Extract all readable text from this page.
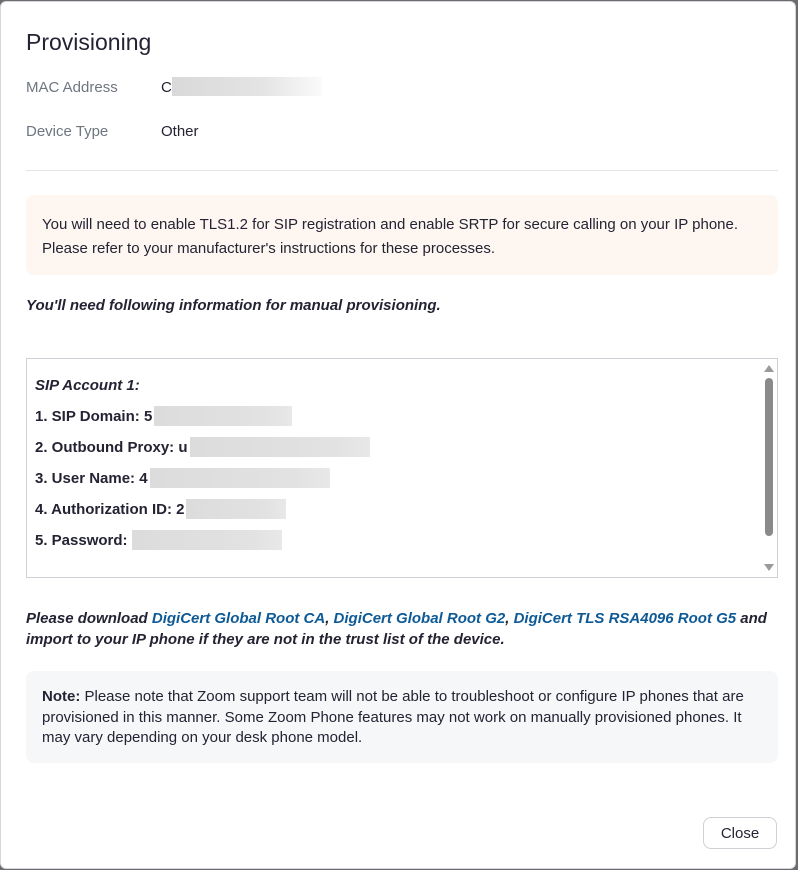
Provisioning
MAC Address	C
Device Type	Other
You will need to enable TLS1.2 for SIP registration and enable SRTP for secure calling on your IP phone.
Please refer to your manufacturer's instructions for these processes.
You'll need following information for manual provisioning.
SIP Account 1:
1. SIP Domain: 5
2. Outbound Proxy: u
3. User Name: 4
4. Authorization ID: 2
5. Password:
Please download DigiCert Global Root CA, DigiCert Global Root G2, DigiCert TLS RSA4096 Root G5 and import to your IP phone if they are not in the trust list of the device.
Note: Please note that Zoom support team will not be able to troubleshoot or configure IP phones that are provisioned in this manner. Some Zoom Phone features may not work on manually provisioned phones. It may vary depending on your desk phone model.
Close
